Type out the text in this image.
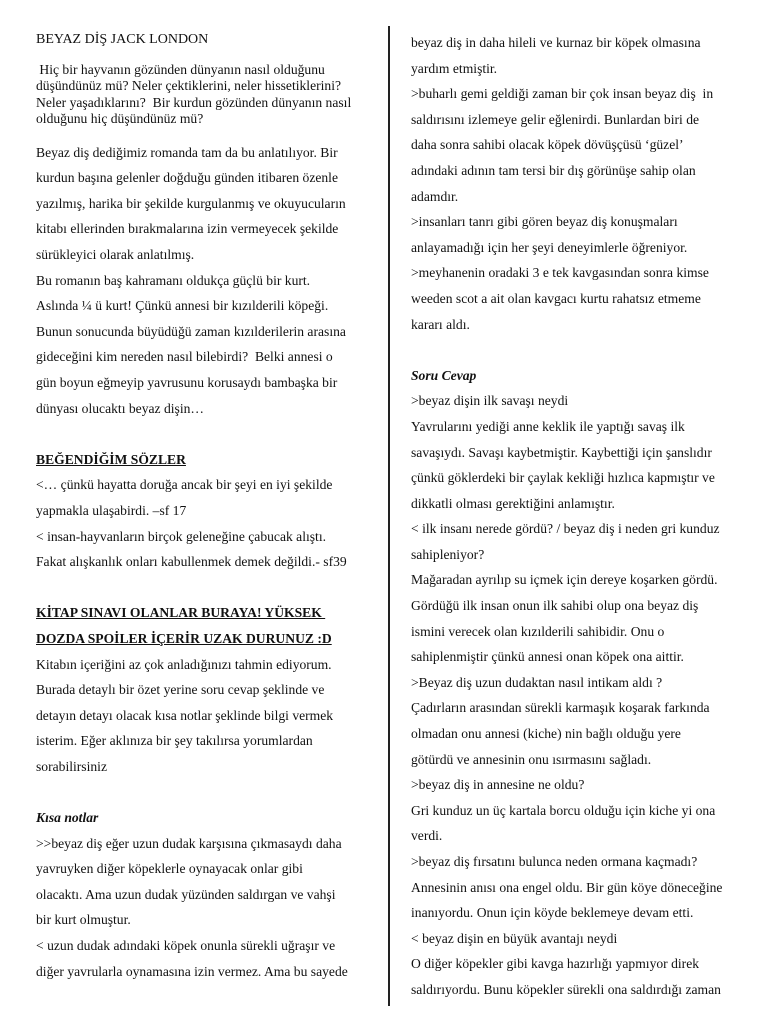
BEYAZ DİŞ JACK LONDON

Hiç bir hayvanın gözünden dünyanın nasıl olduğunu

düşündünüz mü? Neler çektiklerini, neler hissetiklerini?

Neler yaşadıklarını?  Bir kurdun gözünden dünyanın nasıl

olduğunu hiç düşündünüz mü?

Beyaz diş dediğimiz romanda tam da bu anlatılıyor. Bir

kurdun başına gelenler doğduğu günden itibaren özenle

yazılmış, harika bir şekilde kurgulanmış ve okuyucuların

kitabı ellerinden bırakmalarına izin vermeyecek şekilde

sürükleyici olarak anlatılmış.

Bu romanın baş kahramanı oldukça güçlü bir kurt.

Aslında ¼ ü kurt! Çünkü annesi bir kızılderili köpeği.

Bunun sonucunda büyüdüğü zaman kızılderilerin arasına

gideceğini kim nereden nasıl bilebirdi?  Belki annesi o

gün boyun eğmeyip yavrusunu korusaydı bambaşka bir

dünyası olucaktı beyaz dişin…

BEĞENDİĞİM SÖZLER

<… çünkü hayatta doruğa ancak bir şeyi en iyi şekilde

yapmakla ulaşabirdi. –sf 17

< insan-hayvanların birçok geleneğine çabucak alıştı.

Fakat alışkanlık onları kabullenmek demek değildi.- sf39

KİTAP SINAVI OLANLAR BURAYA! YÜKSEK

DOZDA SPOİLER İÇERİR UZAK DURUNUZ :D

Kitabın içeriğini az çok anladığınızı tahmin ediyorum.

Burada detaylı bir özet yerine soru cevap şeklinde ve

detayın detayı olacak kısa notlar şeklinde bilgi vermek

isterim. Eğer aklınıza bir şey takılırsa yorumlardan

sorabilirsiniz

Kısa notlar

>>beyaz diş eğer uzun dudak karşısına çıkmasaydı daha

yavruyken diğer köpeklerle oynayacak onlar gibi

olacaktı. Ama uzun dudak yüzünden saldırgan ve vahşi

bir kurt olmuştur.

< uzun dudak adındaki köpek onunla sürekli uğraşır ve

diğer yavrularla oynamasına izin vermez. Ama bu sayede

beyaz diş in daha hileli ve kurnaz bir köpek olmasına

yardım etmiştir.

>buharlı gemi geldiği zaman bir çok insan beyaz diş  in

saldırısını izlemeye gelir eğlenirdi. Bunlardan biri de

daha sonra sahibi olacak köpek dövüşçüsü ‘güzel’

adındaki adının tam tersi bir dış görünüşe sahip olan

adamdır.

>insanları tanrı gibi gören beyaz diş konuşmaları

anlayamadığı için her şeyi deneyimlerle öğreniyor.

>meyhanenin oradaki 3 e tek kavgasından sonra kimse

weeden scot a ait olan kavgacı kurtu rahatsız etmeme

kararı aldı.

Soru Cevap

>beyaz dişin ilk savaşı neydi

Yavrularını yediği anne keklik ile yaptığı savaş ilk

savaşıydı. Savaşı kaybetmiştir. Kaybettiği için şanslıdır

çünkü göklerdeki bir çaylak kekliği hızlıca kapmıştır ve

dikkatli olması gerektiğini anlamıştır.

< ilk insanı nerede gördü? / beyaz diş i neden gri kunduz

sahipleniyor?

Mağaradan ayrılıp su içmek için dereye koşarken gördü.

Gördüğü ilk insan onun ilk sahibi olup ona beyaz diş

ismini verecek olan kızılderili sahibidir. Onu o

sahiplenmiştir çünkü annesi onan köpek ona aittir.

>Beyaz diş uzun dudaktan nasıl intikam aldı ?

Çadırların arasından sürekli karmaşık koşarak farkında

olmadan onu annesi (kiche) nin bağlı olduğu yere

götürdü ve annesinin onu ısırmasını sağladı.

>beyaz diş in annesine ne oldu?

Gri kunduz un üç kartala borcu olduğu için kiche yi ona

verdi.

>beyaz diş fırsatını bulunca neden ormana kaçmadı?

Annesinin anısı ona engel oldu. Bir gün köye döneceğine

inanıyordu. Onun için köyde beklemeye devam etti.

< beyaz dişin en büyük avantajı neydi

O diğer köpekler gibi kavga hazırlığı yapmıyor direk

saldırıyordu. Bunu köpekler sürekli ona saldırdığı zaman
